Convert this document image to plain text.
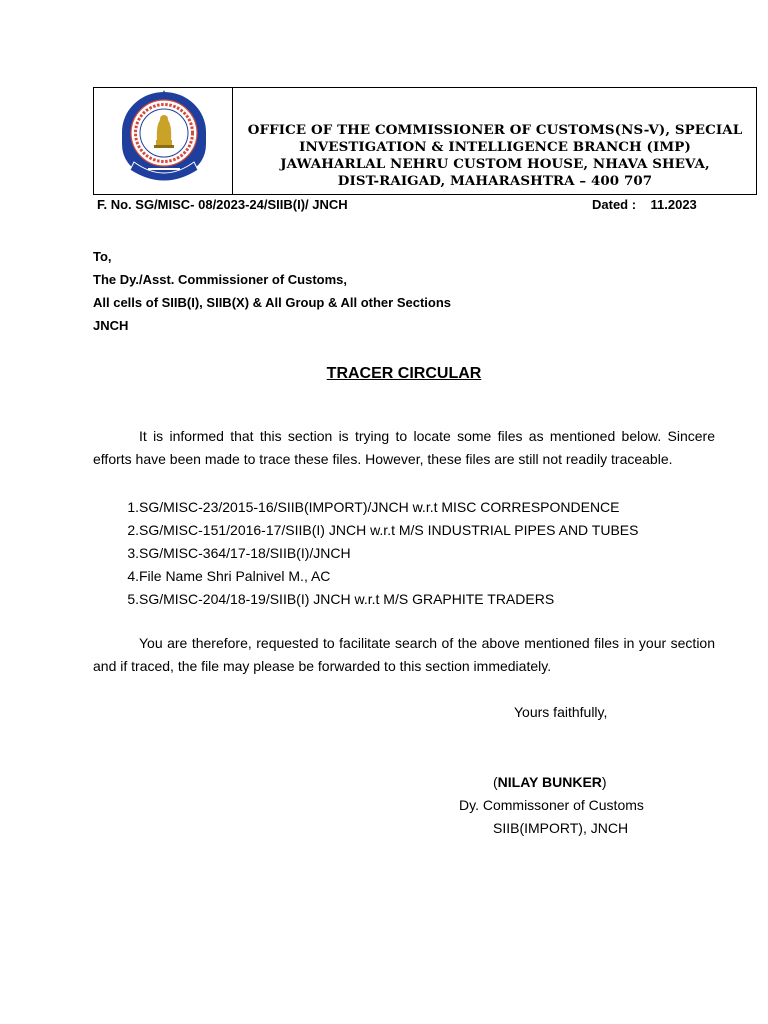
OFFICE OF THE COMMISSIONER OF CUSTOMS(NS-V), SPECIAL
INVESTIGATION & INTELLIGENCE BRANCH (IMP)
JAWAHARLAL NEHRU CUSTOM HOUSE, NHAVA SHEVA,
DIST-RAIGAD, MAHARASHTRA – 400 707
F. No. SG/MISC- 08/2023-24/SIIB(I)/ JNCH	Dated : 11.2023
To,
The Dy./Asst. Commissioner of Customs,
All cells of SIIB(I), SIIB(X) & All Group & All other Sections
JNCH
TRACER CIRCULAR
It is informed that this section is trying to locate some files as mentioned below. Sincere efforts have been made to trace these files. However, these files are still not readily traceable.
1.SG/MISC-23/2015-16/SIIB(IMPORT)/JNCH w.r.t MISC CORRESPONDENCE
2.SG/MISC-151/2016-17/SIIB(I) JNCH w.r.t M/S INDUSTRIAL PIPES AND TUBES
3.SG/MISC-364/17-18/SIIB(I)/JNCH
4.File Name Shri Palnivel M., AC
5.SG/MISC-204/18-19/SIIB(I) JNCH w.r.t M/S GRAPHITE TRADERS
You are therefore, requested to facilitate search of the above mentioned files in your section and if traced, the file may please be forwarded to this section immediately.
Yours faithfully,
(NILAY BUNKER)
Dy. Commissoner of Customs
SIIB(IMPORT), JNCH
